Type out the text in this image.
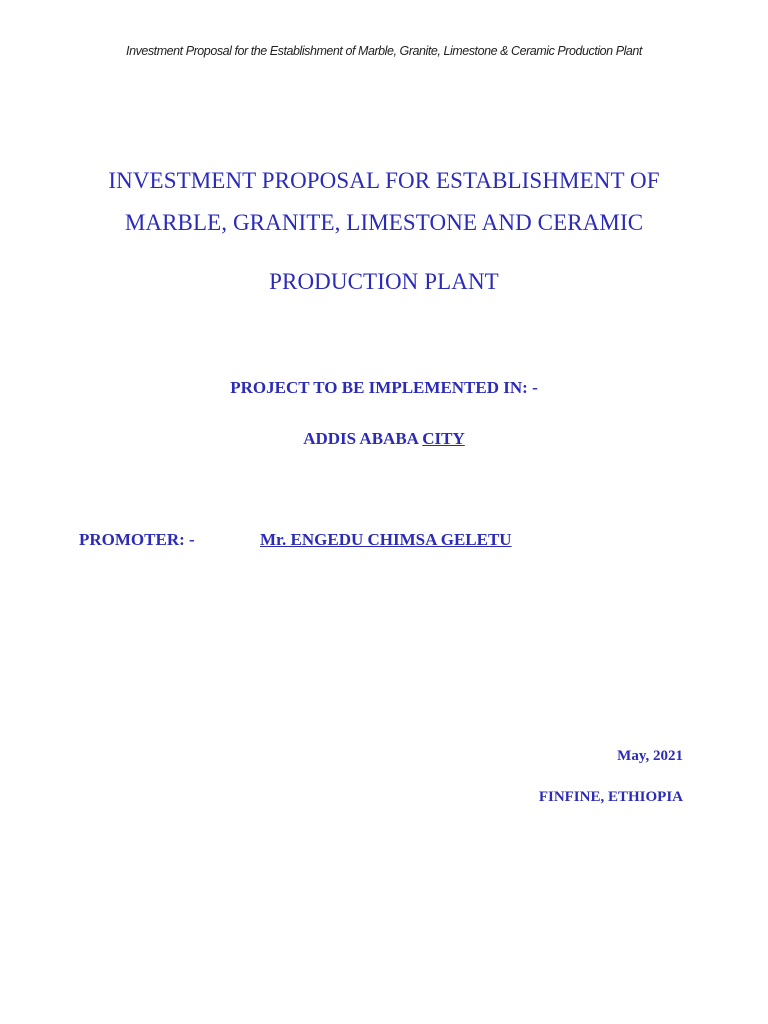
Investment Proposal for the Establishment of Marble, Granite, Limestone & Ceramic Production Plant
INVESTMENT PROPOSAL FOR ESTABLISHMENT OF
MARBLE, GRANITE, LIMESTONE AND CERAMIC
PRODUCTION PLANT
PROJECT TO BE IMPLEMENTED IN: -
ADDIS ABABA CITY
PROMOTER: -	Mr. ENGEDU CHIMSA GELETU
May, 2021
FINFINE, ETHIOPIA
